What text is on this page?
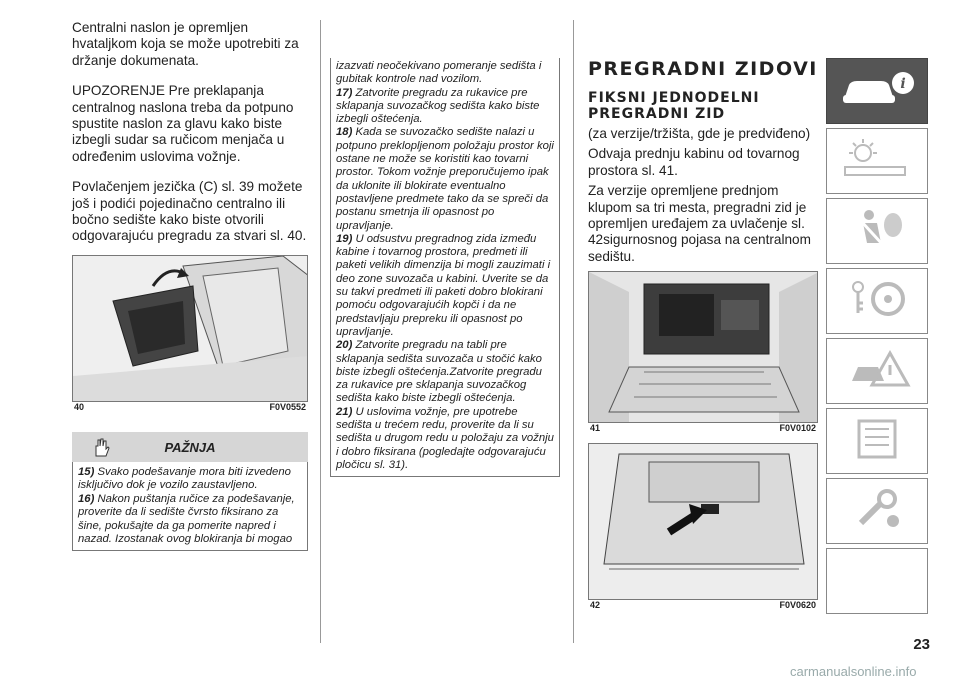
Centralni naslon je opremljen hvataljkom koja se može upotrebiti za držanje dokumenata.

UPOZORENJE Pre preklapanja centralnog naslona treba da potpuno spustite naslon za glavu kako biste izbegli sudar sa ručicom menjača u određenim uslovima vožnje.

Povlačenjem jezička (C) sl. 39 možete još i podići pojedinačno centralno ili bočno sedište kako biste otvorili odgovarajuću pregradu za stvari sl. 40.

40	F0V0552
PAŽNJA
15) Svako podešavanje mora biti izvedeno isključivo dok je vozilo zaustavljeno.
16) Nakon puštanja ručice za podešavanje, proverite da li sedište čvrsto fiksirano za šine, pokušajte da ga pomerite napred i nazad. Izostanak ovog blokiranja bi mogao
izazvati neočekivano pomeranje sedišta i gubitak kontrole nad vozilom.
17) Zatvorite pregradu za rukavice pre sklapanja suvozačkog sedišta kako biste izbegli oštećenja.
18) Kada se suvozačko sedište nalazi u potpuno preklopljenom položaju prostor koji ostane ne može se koristiti kao tovarni prostor. Tokom vožnje preporučujemo ipak da uklonite ili blokirate eventualno postavljene predmete tako da se spreči da postanu smetnja ili opasnost po upravljanje.
19) U odsustvu pregradnog zida između kabine i tovarnog prostora, predmeti ili paketi velikih dimenzija bi mogli zauzimati i deo zone suvozača u kabini. Uverite se da su takvi predmeti ili paketi dobro blokirani pomoću odgovarajućih kopči i da ne predstavljaju prepreku ili opasnost po upravljanje.
20) Zatvorite pregradu na tabli pre sklapanja sedišta suvozača u stočić kako biste izbegli oštećenja.Zatvorite pregradu za rukavice pre sklapanja suvozačkog sedišta kako biste izbegli oštećenja.
21) U uslovima vožnje, pre upotrebe sedišta u trećem redu, proverite da li su sedišta u drugom redu u položaju za vožnju i dobro fiksirana (pogledajte odgovarajuću pločicu sl. 31).
PREGRADNI ZIDOVI
FIKSNI JEDNODELNI PREGRADNI ZID

(za verzije/tržišta, gde je predviđeno)

Odvaja prednju kabinu od tovarnog prostora sl. 41.

Za verzije opremljene prednjom klupom sa tri mesta, pregradni zid je opremljen uređajem za uvlačenje sl. 42sigurnosnog pojasa na centralnom sedištu.

41	F0V0102
42	F0V0620
i
23
carmanualsonline.info
